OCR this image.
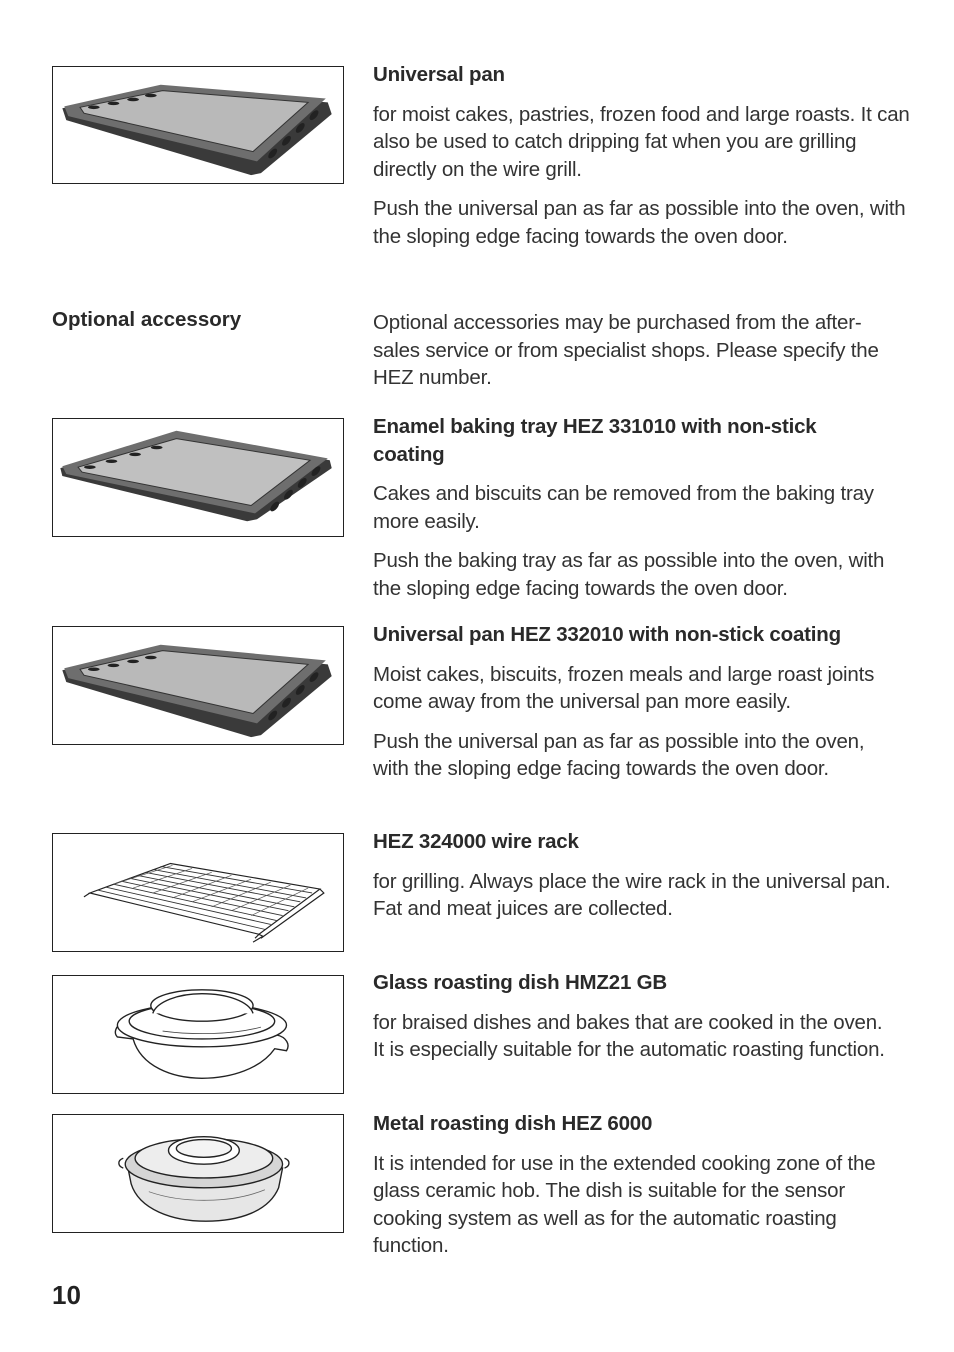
Universal pan

for moist cakes, pastries, frozen food and large roasts. It can also be used to catch dripping fat when you are grilling directly on the wire grill.

Push the universal pan as far as possible into the oven, with the sloping edge facing towards the oven door.

Optional accessory	Optional accessories may be purchased from the after-sales service or from specialist shops. Please specify the HEZ number.
Enamel baking tray HEZ 331010 with non-stick coating

Cakes and biscuits can be removed from the baking tray more easily.

Push the baking tray as far as possible into the oven, with the sloping edge facing towards the oven door.

Universal pan HEZ 332010 with non-stick coating

Moist cakes, biscuits, frozen meals and large roast joints come away from the universal pan more easily.

Push the universal pan as far as possible into the oven, with the sloping edge facing towards the oven door.

HEZ 324000 wire rack

for grilling. Always place the wire rack in the universal pan. Fat and meat juices are collected.

Glass roasting dish HMZ21 GB

for braised dishes and bakes that are cooked in the oven. It is especially suitable for the automatic roasting function.

Metal roasting dish HEZ 6000

It is intended for use in the extended cooking zone of the glass ceramic hob. The dish is suitable for the sensor cooking system as well as for the automatic roasting function.

10
